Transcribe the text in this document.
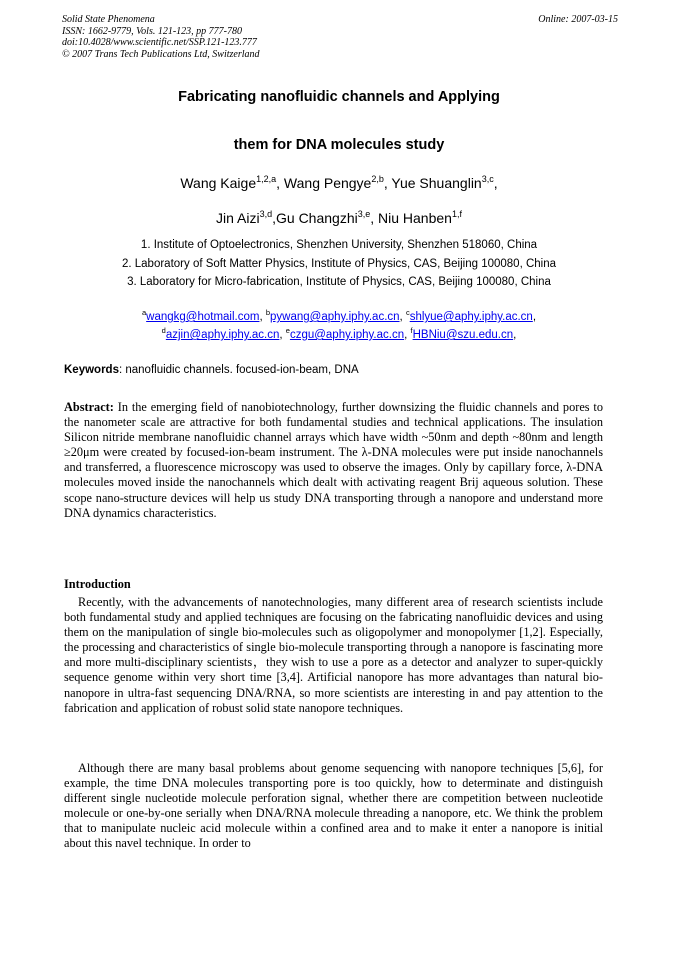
Solid State Phenomena
ISSN: 1662-9779, Vols. 121-123, pp 777-780
doi:10.4028/www.scientific.net/SSP.121-123.777
© 2007 Trans Tech Publications Ltd, Switzerland
Online: 2007-03-15
Fabricating nanofluidic channels and Applying
them for DNA molecules study
Wang Kaige$^{1,2,a}$, Wang Pengye$^{2,b}$, Yue Shuanglin$^{3,c}$,
Jin Aizi$^{3,d}$,Gu Changzhi$^{3,e}$, Niu Hanben$^{1,f}$
1. Institute of Optoelectronics, Shenzhen University, Shenzhen 518060, China
2. Laboratory of Soft Matter Physics, Institute of Physics, CAS, Beijing 100080, China
3. Laboratory for Micro-fabrication, Institute of Physics, CAS, Beijing 100080, China
$^a$wangkg@hotmail.com, $^b$pywang@aphy.iphy.ac.cn, $^c$shlyue@aphy.iphy.ac.cn,
$^d$azjin@aphy.iphy.ac.cn, $^e$czgu@aphy.iphy.ac.cn, $^f$HBNiu@szu.edu.cn,
Keywords: nanofluidic channels. focused-ion-beam, DNA
Abstract: In the emerging field of nanobiotechnology, further downsizing the fluidic channels and pores to the nanometer scale are attractive for both fundamental studies and technical applications. The insulation Silicon nitride membrane nanofluidic channel arrays which have width ~50nm and depth ~80nm and length ≥20μm were created by focused-ion-beam instrument. The λ-DNA molecules were put inside nanochannels and transferred, a fluorescence microscopy was used to observe the images. Only by capillary force, λ-DNA molecules moved inside the nanochannels which dealt with activating reagent Brij aqueous solution. These scope nano-structure devices will help us study DNA transporting through a nanopore and understand more DNA dynamics characteristics.
Introduction
Recently, with the advancements of nanotechnologies, many different area of research scientists include both fundamental study and applied techniques are focusing on the fabricating nanofluidic devices and using them on the manipulation of single bio-molecules such as oligopolymer and monopolymer [1,2]. Especially, the processing and characteristics of single bio-molecule transporting through a nanopore is fascinating more and more multi-disciplinary scientists，they wish to use a pore as a detector and analyzer to super-quickly sequence genome within very short time [3,4]. Artificial nanopore has more advantages than natural bio-nanopore in ultra-fast sequencing DNA/RNA, so more scientists are interesting in and pay attention to the fabrication and application of robust solid state nanopore techniques.
Although there are many basal problems about genome sequencing with nanopore techniques [5,6], for example, the time DNA molecules transporting pore is too quickly, how to determinate and distinguish different single nucleotide molecule perforation signal, whether there are competition between nucleotide molecule or one-by-one serially when DNA/RNA molecule threading a nanopore, etc. We think the problem that to manipulate nucleic acid molecule within a confined area and to make it enter a nanopore is initial about this navel technique. In order to
